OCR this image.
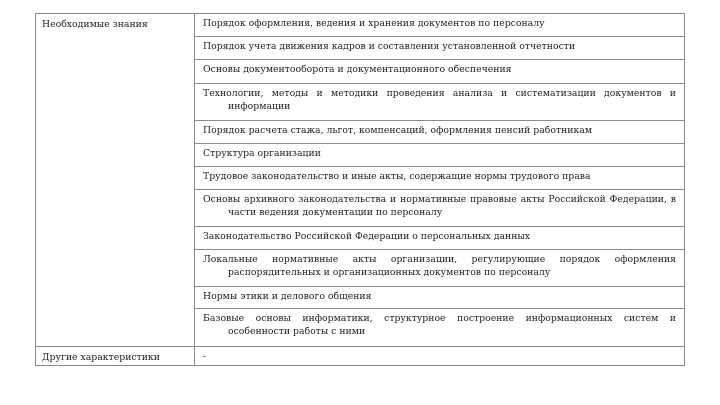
Необходимые знания	Порядок оформления, ведения и хранения документов по персоналу

	Порядок учета движения кадров и составления установленной отчетности

	Основы документооборота и документационного обеспечения

	Технологии, методы и методики проведения анализа и систематизации документов и информации

	Порядок расчета стажа, льгот, компенсаций, оформления пенсий работникам

	Структура организации

	Трудовое законодательство и иные акты, содержащие нормы трудового права

	Основы архивного законодательства и нормативные правовые акты Российской Федерации, в части ведения документации по персоналу

	Законодательство Российской Федерации о персональных данных

	Локальные нормативные акты организации, регулирующие порядок оформления распорядительных и организационных документов по персоналу

	Нормы этики и делового общения

	Базовые основы информатики, структурное построение информационных систем и особенности работы с ними

Другие характеристики	-
